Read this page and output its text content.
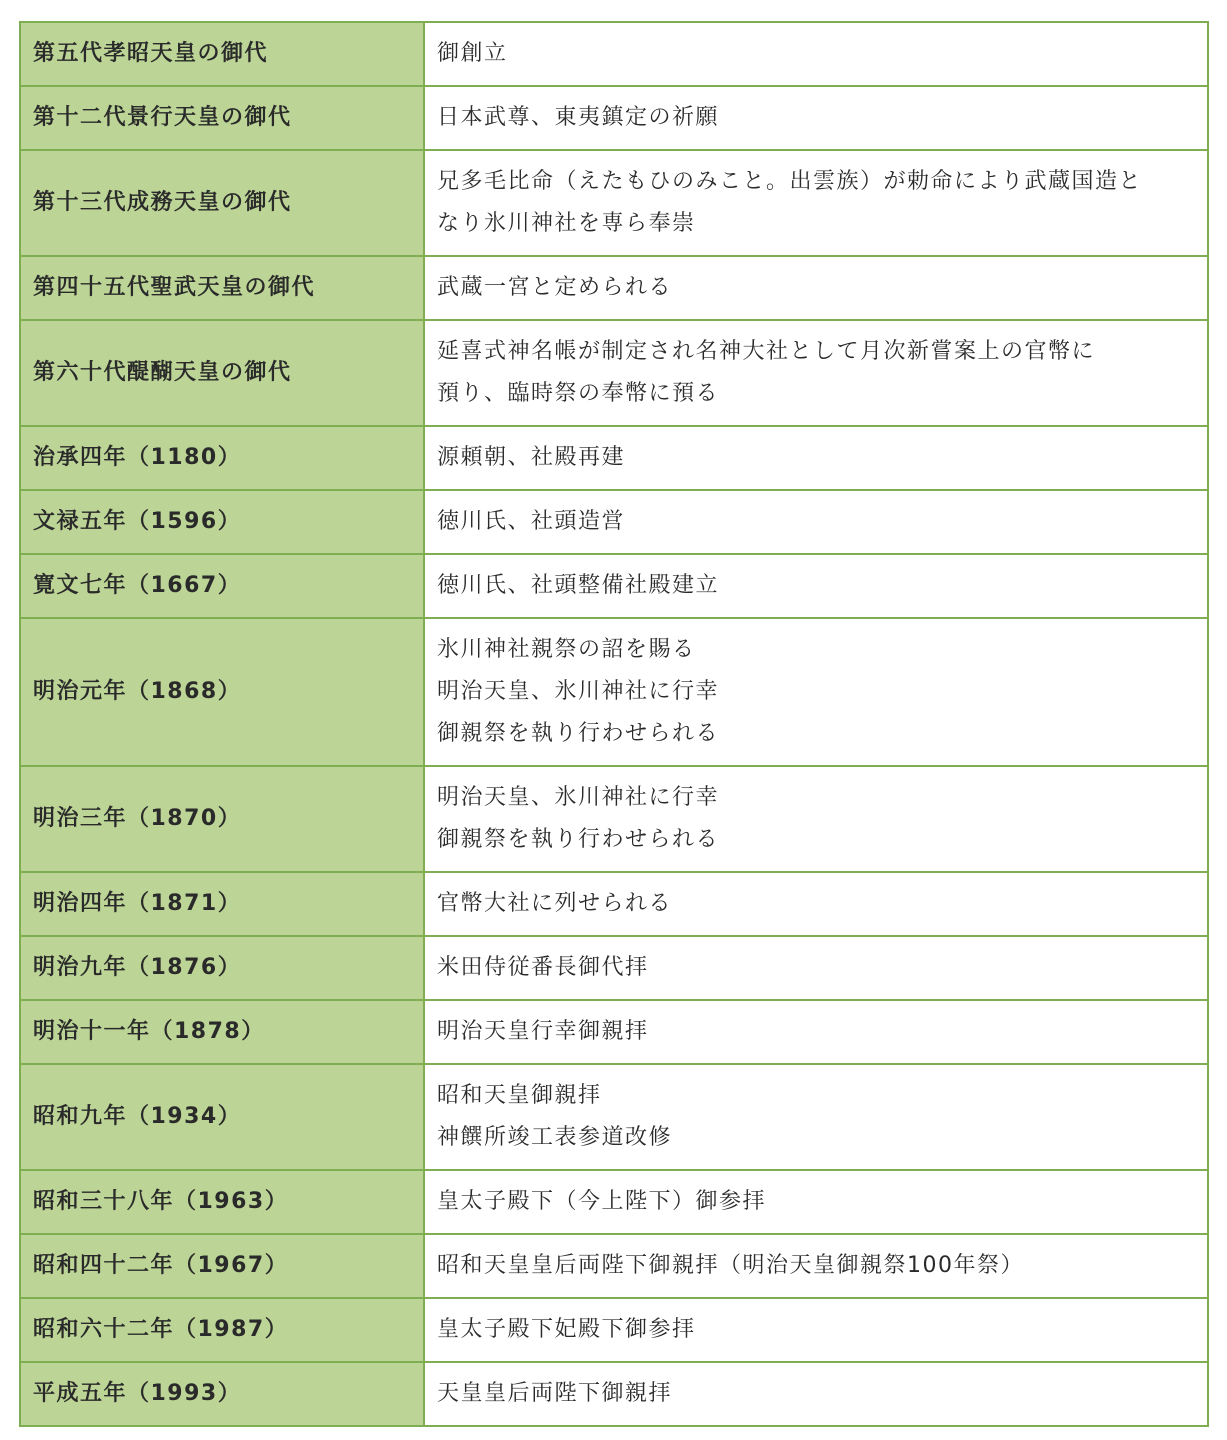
第五代孝昭天皇の御代	御創立

第十二代景行天皇の御代	日本武尊、東夷鎮定の祈願

第十三代成務天皇の御代	兄多毛比命（えたもひのみこと。出雲族）が勅命により武蔵国造と
なり氷川神社を専ら奉崇

第四十五代聖武天皇の御代	武蔵一宮と定められる

第六十代醍醐天皇の御代	延喜式神名帳が制定され名神大社として月次新嘗案上の官幣に
預り、臨時祭の奉幣に預る

治承四年（1180）	源頼朝、社殿再建

文禄五年（1596）	徳川氏、社頭造営

寛文七年（1667）	徳川氏、社頭整備社殿建立

明治元年（1868）	氷川神社親祭の詔を賜る
明治天皇、氷川神社に行幸
御親祭を執り行わせられる

明治三年（1870）	明治天皇、氷川神社に行幸
御親祭を執り行わせられる

明治四年（1871）	官幣大社に列せられる

明治九年（1876）	米田侍従番長御代拝

明治十一年（1878）	明治天皇行幸御親拝

昭和九年（1934）	昭和天皇御親拝
神饌所竣工表参道改修

昭和三十八年（1963）	皇太子殿下（今上陛下）御参拝

昭和四十二年（1967）	昭和天皇皇后両陛下御親拝（明治天皇御親祭100年祭）

昭和六十二年（1987）	皇太子殿下妃殿下御参拝

平成五年（1993）	天皇皇后両陛下御親拝
